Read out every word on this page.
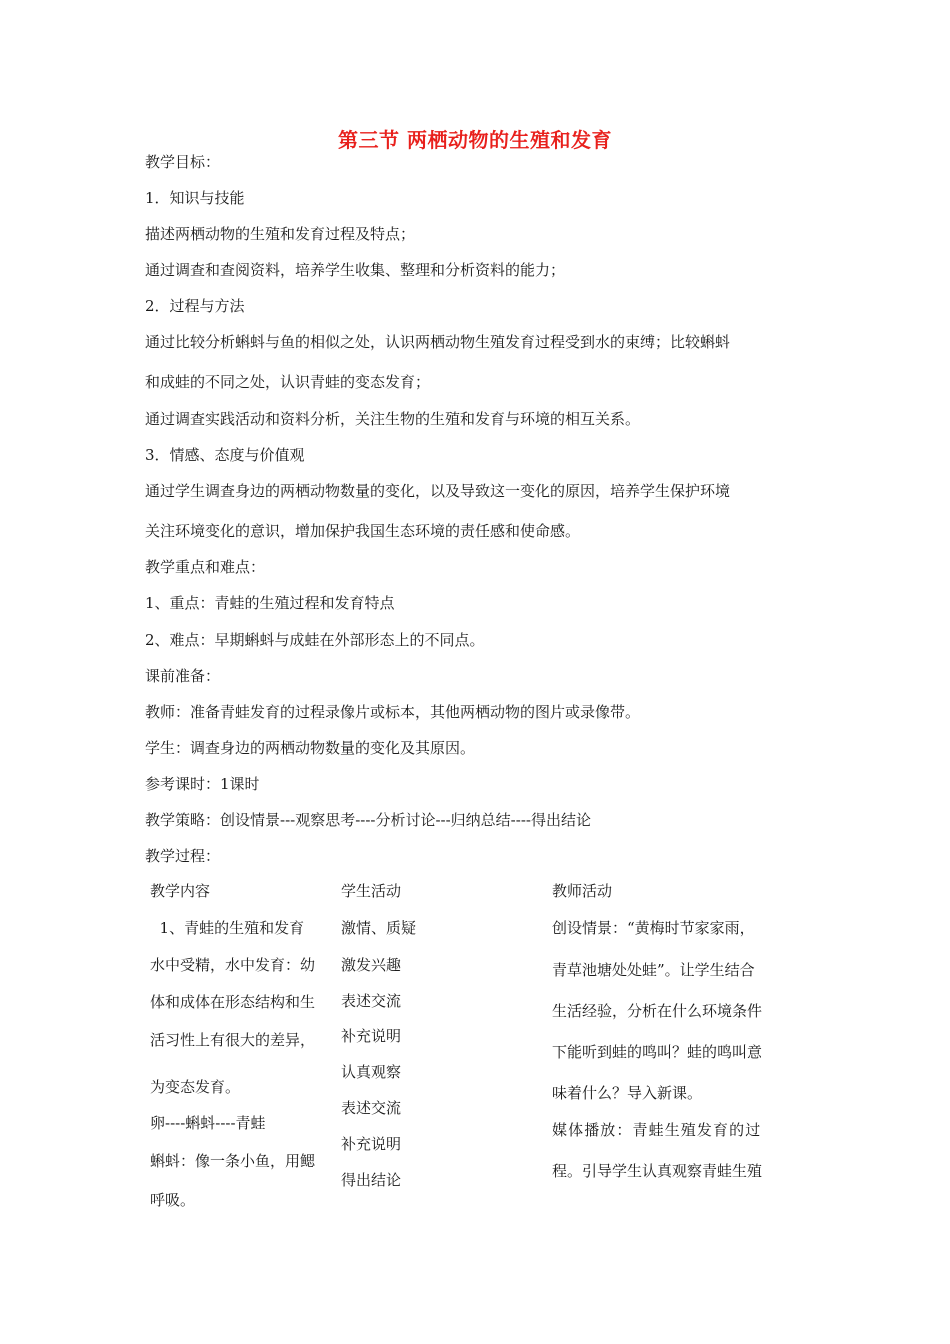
第三节 两栖动物的生殖和发育
教学目标：
1．知识与技能
描述两栖动物的生殖和发育过程及特点；
通过调查和查阅资料，培养学生收集、整理和分析资料的能力；
2．过程与方法
通过比较分析蝌蚪与鱼的相似之处，认识两栖动物生殖发育过程受到水的束缚；比较蝌蚪
和成蛙的不同之处，认识青蛙的变态发育；
通过调查实践活动和资料分析，关注生物的生殖和发育与环境的相互关系。
3．情感、态度与价值观
通过学生调查身边的两栖动物数量的变化，以及导致这一变化的原因，培养学生保护环境
关注环境变化的意识，增加保护我国生态环境的责任感和使命感。
教学重点和难点：
1、重点：青蛙的生殖过程和发育特点
2、难点：早期蝌蚪与成蛙在外部形态上的不同点。
课前准备：
教师：准备青蛙发育的过程录像片或标本，其他两栖动物的图片或录像带。
学生：调查身边的两栖动物数量的变化及其原因。
参考课时：1课时
教学策略：创设情景---观察思考----分析讨论---归纳总结----得出结论
教学过程：
教学内容	学生活动	教师活动
1、青蛙的生殖和发育
水中受精，水中发育：幼
体和成体在形态结构和生
活习性上有很大的差异，
为变态发育。
卵----蝌蚪----青蛙
蝌蚪：像一条小鱼，用鳃
呼吸。
激情、质疑
激发兴趣
表述交流
补充说明
认真观察
表述交流
补充说明
得出结论
创设情景：“黄梅时节家家雨，
青草池塘处处蛙”。让学生结合
生活经验，分析在什么环境条件
下能听到蛙的鸣叫？蛙的鸣叫意
味着什么？导入新课。
媒体播放：青蛙生殖发育的过
程。引导学生认真观察青蛙生殖
